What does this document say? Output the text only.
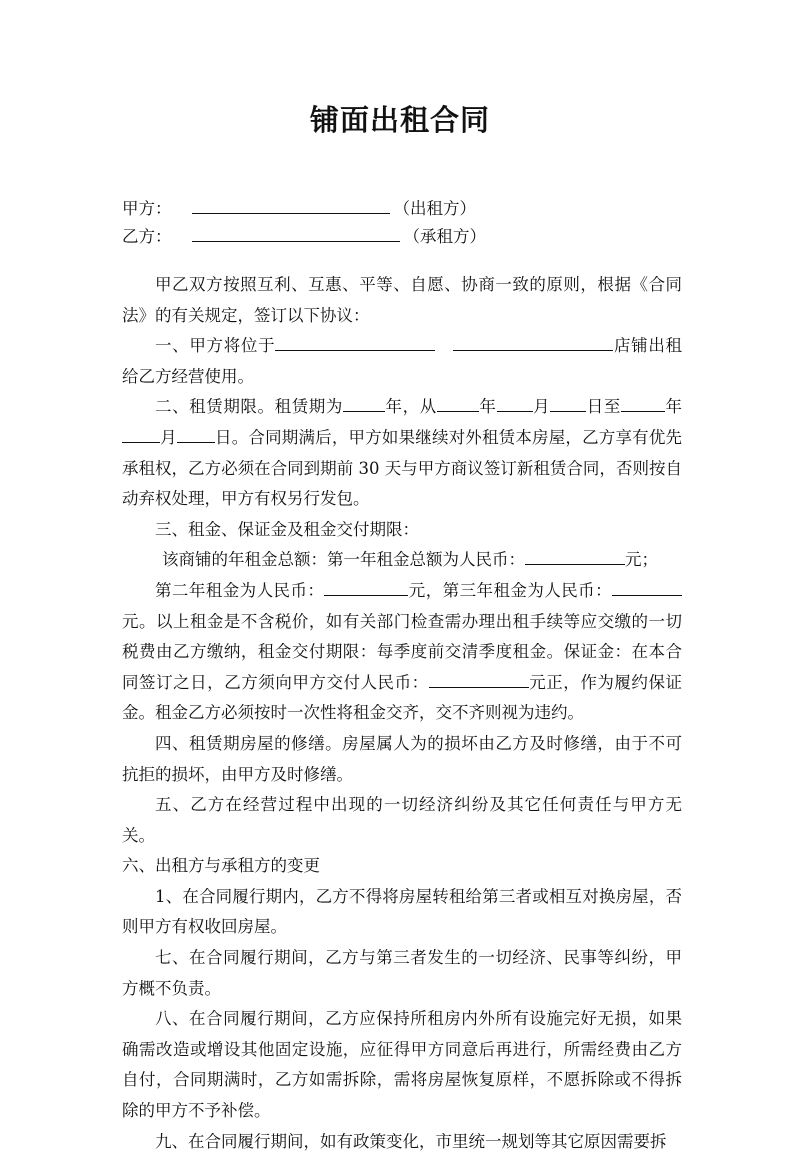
铺面出租合同
甲方：	（出租方）
乙方：	（承租方）

甲乙双方按照互利、互惠、平等、自愿、协商一致的原则，根据《合同法》的有关规定，签订以下协议：

一、甲方将位于	店铺出租给乙方经营使用。

二、租赁期限。租赁期为	年，从	年 月 日至	年月 日。合同期满后，甲方如果继续对外租赁本房屋，乙方享有优先承租权，乙方必须在合同到期前 30 天与甲方商议签订新租赁合同，否则按自动弃权处理，甲方有权另行发包。

三、租金、保证金及租金交付期限：

该商铺的年租金总额：第一年租金总额为人民币：	元；

第二年租金为人民币：	元，第三年租金为人民币：元。以上租金是不含税价，如有关部门检查需办理出租手续等应交缴的一切税费由乙方缴纳，租金交付期限：每季度前交清季度租金。保证金：在本合同签订之日，乙方须向甲方交付人民币：	元正，作为履约保证金。租金乙方必须按时一次性将租金交齐，交不齐则视为违约。

四、租赁期房屋的修缮。房屋属人为的损坏由乙方及时修缮，由于不可抗拒的损坏，由甲方及时修缮。

五、乙方在经营过程中出现的一切经济纠纷及其它任何责任与甲方无关。

六、出租方与承租方的变更

1、在合同履行期内，乙方不得将房屋转租给第三者或相互对换房屋，否则甲方有权收回房屋。

七、在合同履行期间，乙方与第三者发生的一切经济、民事等纠纷，甲方概不负责。

八、在合同履行期间，乙方应保持所租房内外所有设施完好无损，如果确需改造或增设其他固定设施，应征得甲方同意后再进行，所需经费由乙方自付，合同期满时，乙方如需拆除，需将房屋恢复原样，不愿拆除或不得拆除的甲方不予补偿。

九、在合同履行期间，如有政策变化，市里统一规划等其它原因需要拆
